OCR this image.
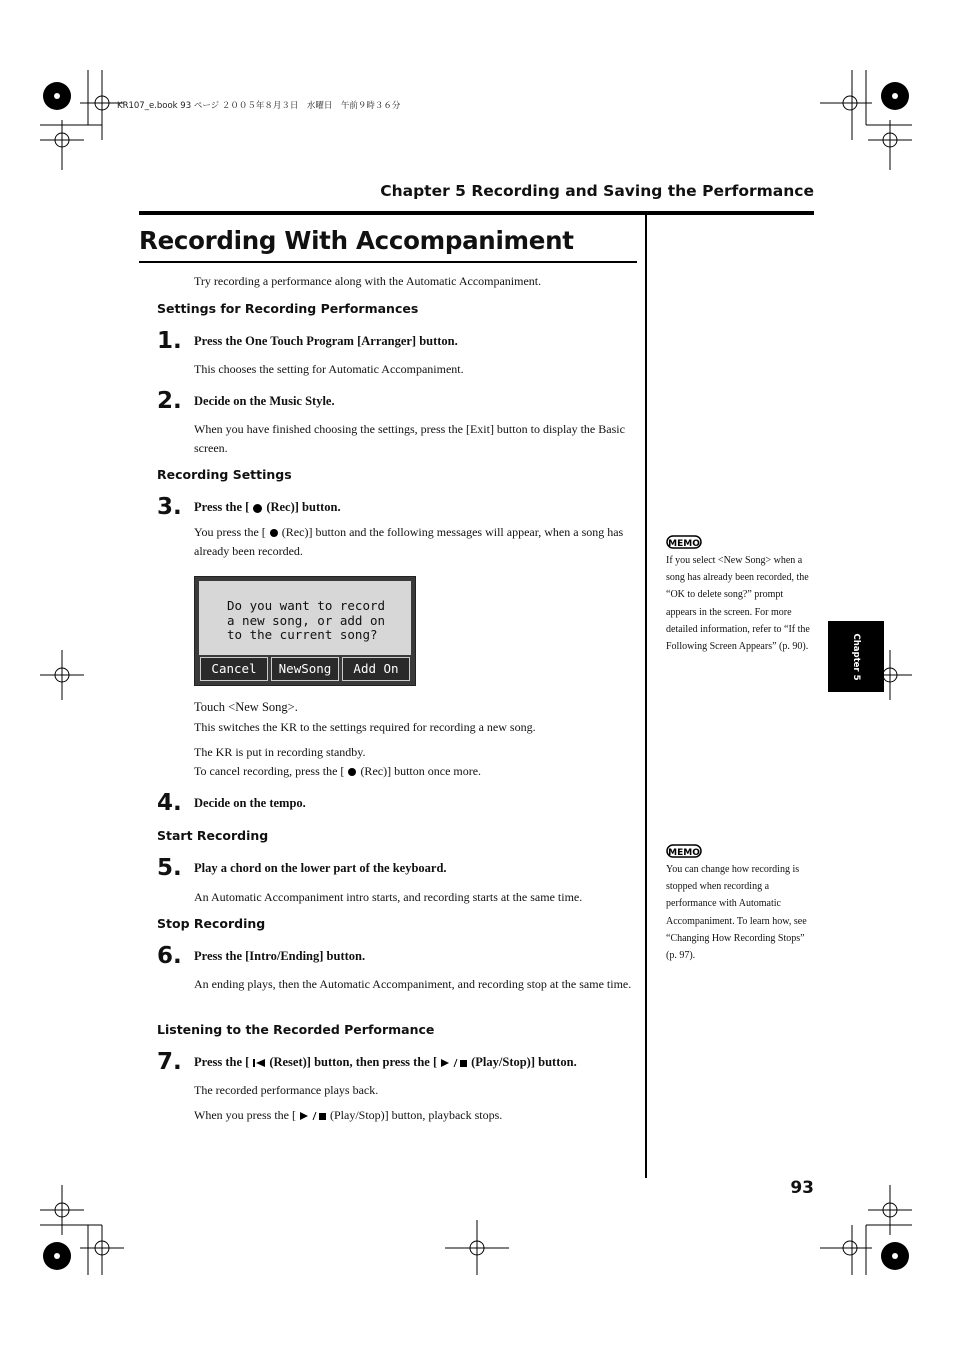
KR107_e.book 93 ページ ２００５年８月３日　水曜日　午前９時３６分
Chapter 5 Recording and Saving the Performance
Recording With Accompaniment
Try recording a performance along with the Automatic Accompaniment.
Settings for Recording Performances
1. Press the One Touch Program [Arranger] button.
This chooses the setting for Automatic Accompaniment.
2. Decide on the Music Style.
When you have finished choosing the settings, press the [Exit] button to display the Basic screen.
Recording Settings
3. Press the [ (Rec)] button.
You press the [ (Rec)] button and the following messages will appear, when a song has already been recorded.
Do you want to record
a new song, or add on
to the current song?
Cancel	NewSong	Add On
Touch <New Song>.
This switches the KR to the settings required for recording a new song.
The KR is put in recording standby.
To cancel recording, press the [ (Rec)] button once more.
4. Decide on the tempo.
Start Recording
5. Play a chord on the lower part of the keyboard.
An Automatic Accompaniment intro starts, and recording starts at the same time.
Stop Recording
6. Press the [Intro/Ending] button.
An ending plays, then the Automatic Accompaniment, and recording stop at the same time.
Listening to the Recorded Performance
7. Press the [ (Reset)] button, then press the [	(Play/Stop)] button.
The recorded performance plays back.
When you press the [	(Play/Stop)] button, playback stops.
MEMO
If you select <New Song> when a song has already been recorded, the “OK to delete song?” prompt appears in the screen. For more detailed information, refer to “If the Following Screen Appears” (p. 90).
MEMO
You can change how recording is stopped when recording a performance with Automatic Accompaniment. To learn how, see “Changing How Recording Stops” (p. 97).
Chapter 5
93
